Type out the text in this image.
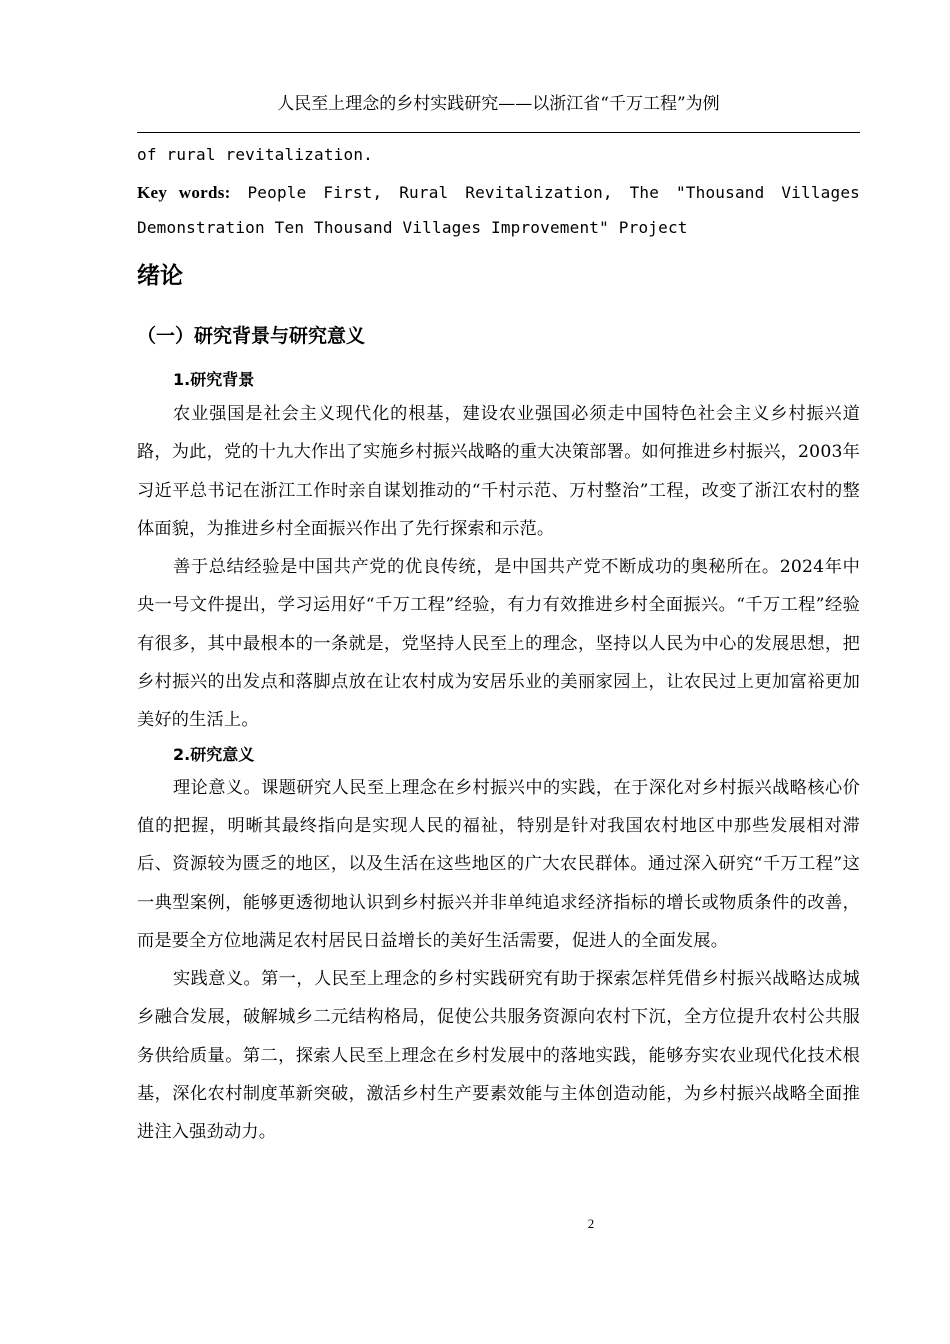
人民至上理念的乡村实践研究——以浙江省“千万工程”为例
of rural revitalization.
Key words: People First, Rural Revitalization, The "Thousand Villages Demonstration Ten Thousand Villages Improvement" Project
绪论
（一）研究背景与研究意义
1.研究背景

农业强国是社会主义现代化的根基，建设农业强国必须走中国特色社会主义乡村振兴道路，为此，党的十九大作出了实施乡村振兴战略的重大决策部署。如何推进乡村振兴，2003年习近平总书记在浙江工作时亲自谋划推动的“千村示范、万村整治”工程，改变了浙江农村的整体面貌，为推进乡村全面振兴作出了先行探索和示范。

善于总结经验是中国共产党的优良传统，是中国共产党不断成功的奥秘所在。2024年中央一号文件提出，学习运用好“千万工程”经验，有力有效推进乡村全面振兴。“千万工程”经验有很多，其中最根本的一条就是，党坚持人民至上的理念，坚持以人民为中心的发展思想，把乡村振兴的出发点和落脚点放在让农村成为安居乐业的美丽家园上，让农民过上更加富裕更加美好的生活上。

2.研究意义

理论意义。课题研究人民至上理念在乡村振兴中的实践，在于深化对乡村振兴战略核心价值的把握，明晰其最终指向是实现人民的福祉，特别是针对我国农村地区中那些发展相对滞后、资源较为匮乏的地区，以及生活在这些地区的广大农民群体。通过深入研究“千万工程”这一典型案例，能够更透彻地认识到乡村振兴并非单纯追求经济指标的增长或物质条件的改善，而是要全方位地满足农村居民日益增长的美好生活需要，促进人的全面发展。

实践意义。第一，人民至上理念的乡村实践研究有助于探索怎样凭借乡村振兴战略达成城乡融合发展，破解城乡二元结构格局，促使公共服务资源向农村下沉，全方位提升农村公共服务供给质量。第二，探索人民至上理念在乡村发展中的落地实践，能够夯实农业现代化技术根基，深化农村制度革新突破，激活乡村生产要素效能与主体创造动能，为乡村振兴战略全面推进注入强劲动力。

2
